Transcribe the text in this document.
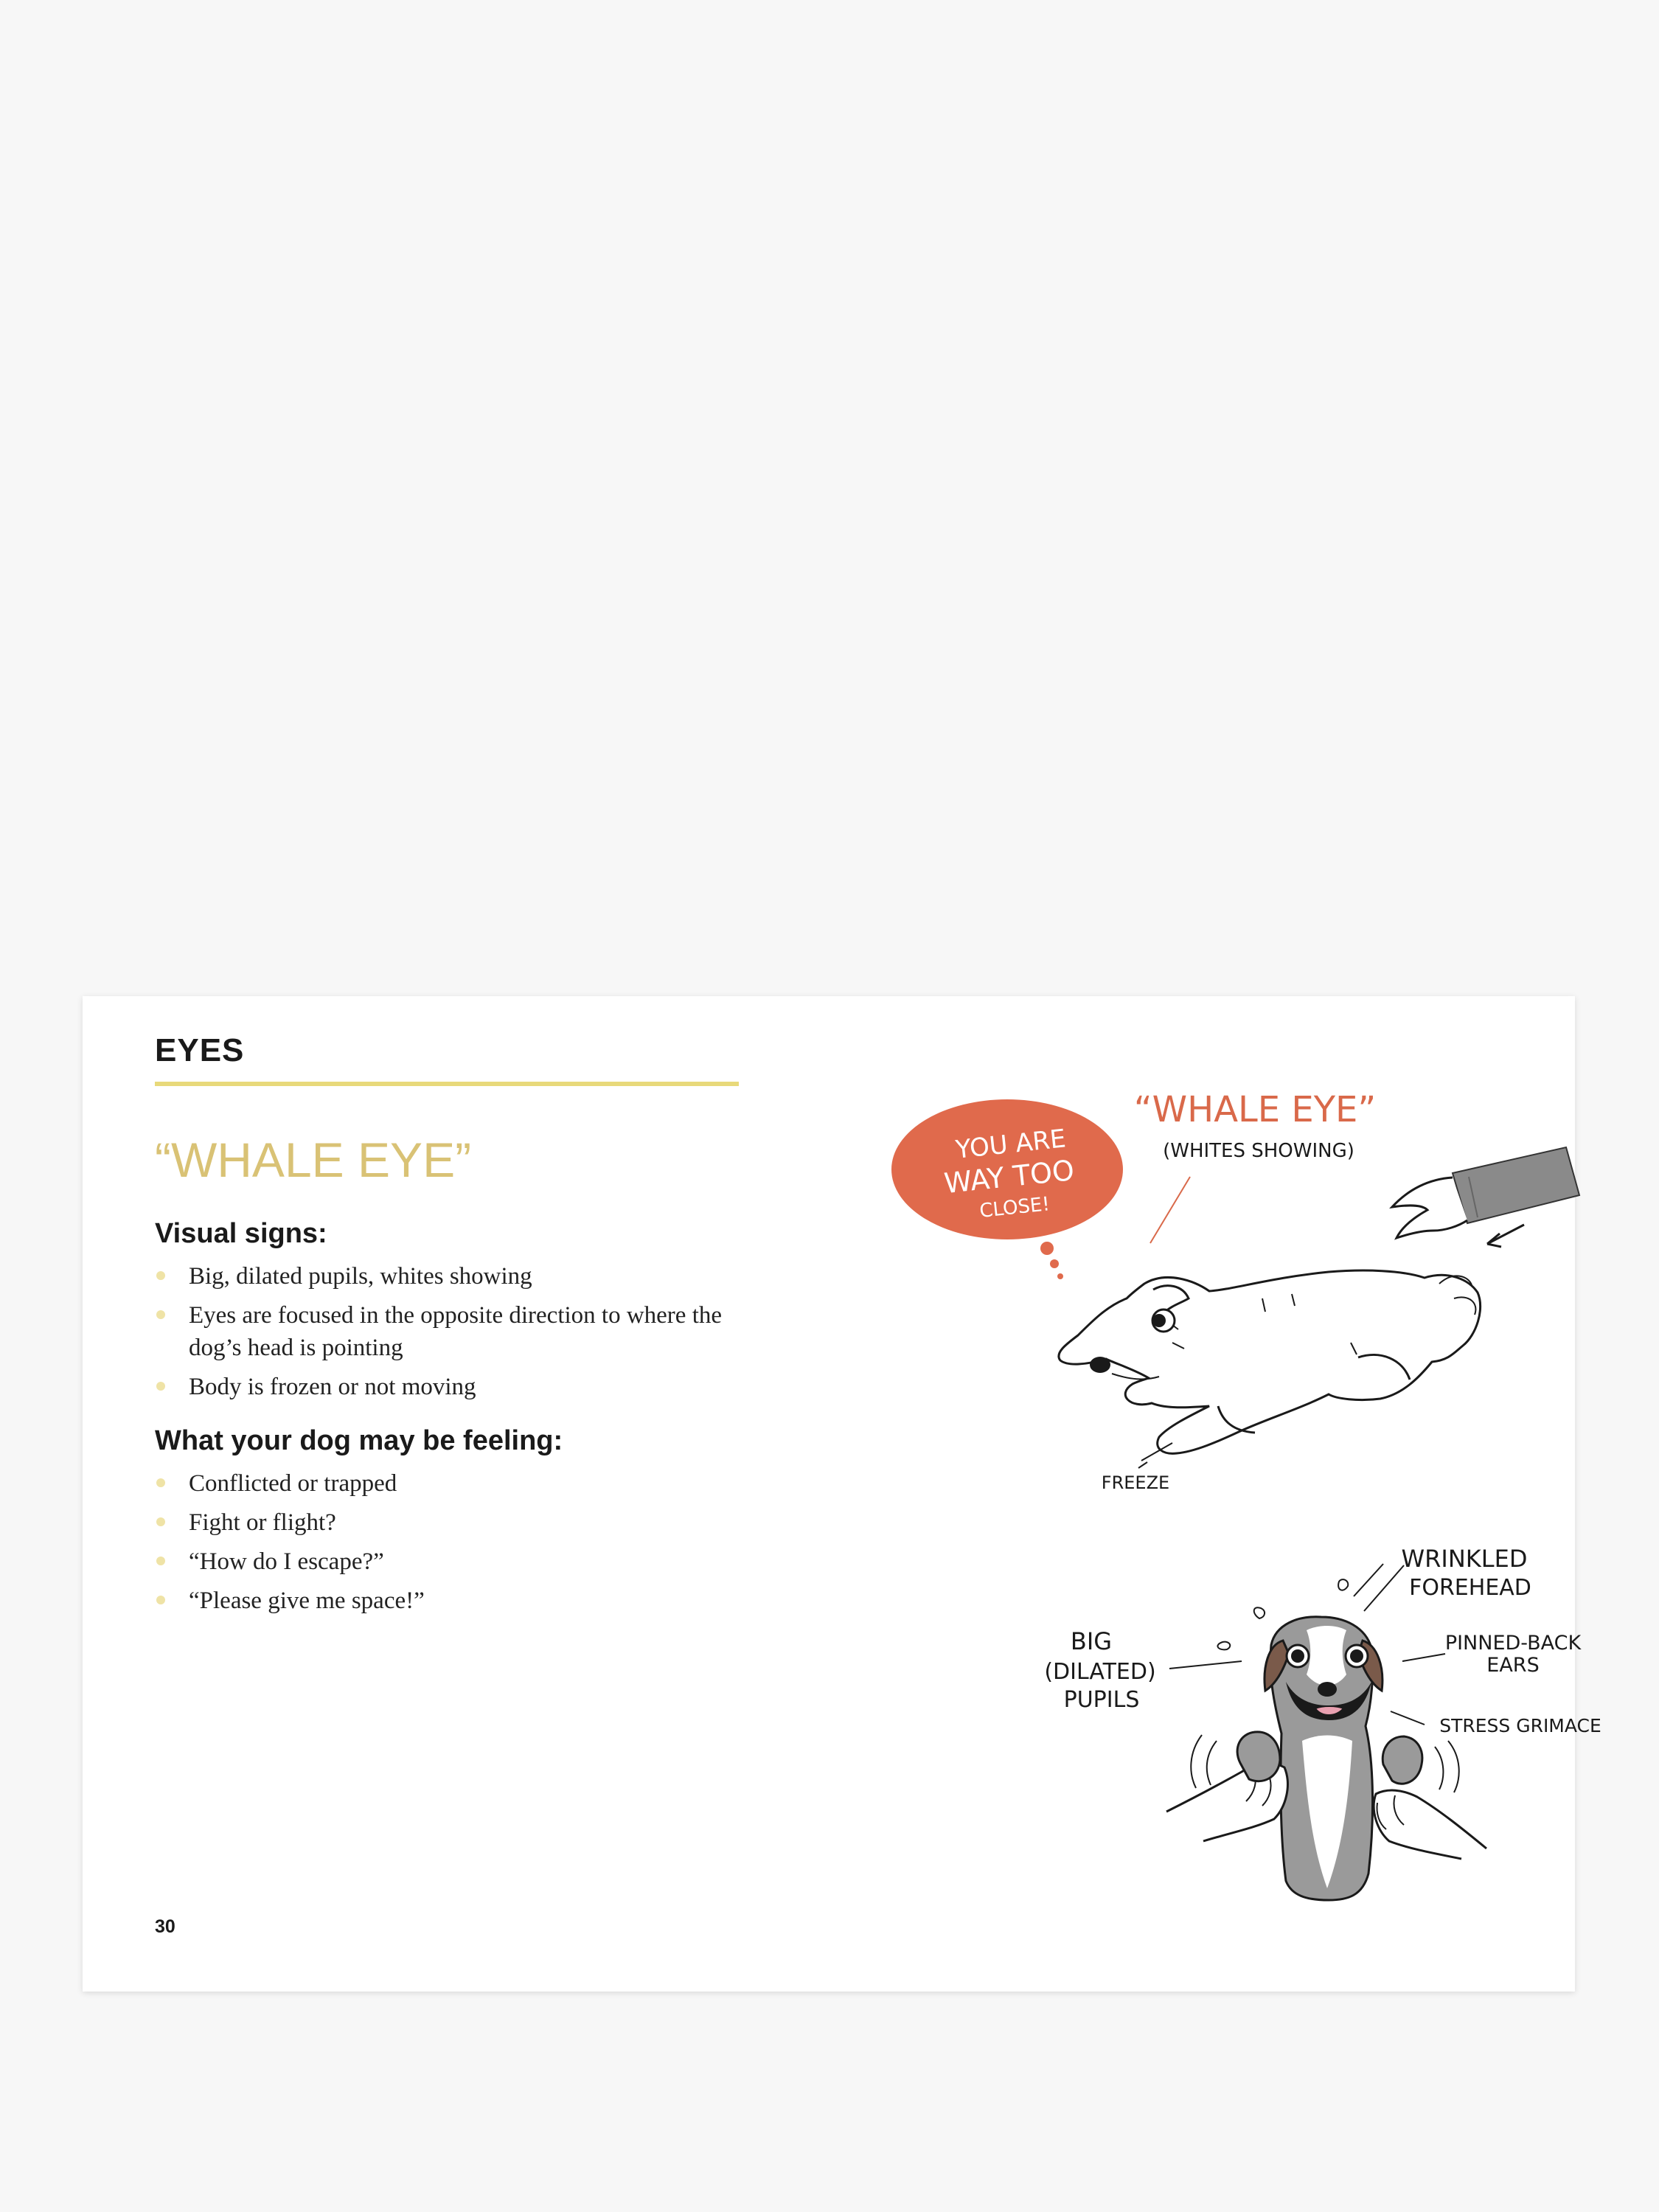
EYES
“WHALE EYE”
Visual signs:
Big, dilated pupils, whites showing
Eyes are focused in the opposite direction to where the dog’s head is pointing
Body is frozen or not moving
What your dog may be feeling:
Conflicted or trapped
Fight or flight?
“How do I escape?”
“Please give me space!”
30
YOU ARE
WAY TOO
CLOSE!
“WHALE EYE”
(WHITES SHOWING)
FREEZE
BIG
(DILATED)
PUPILS
WRINKLED
FOREHEAD
PINNED-BACK
EARS
STRESS GRIMACE
